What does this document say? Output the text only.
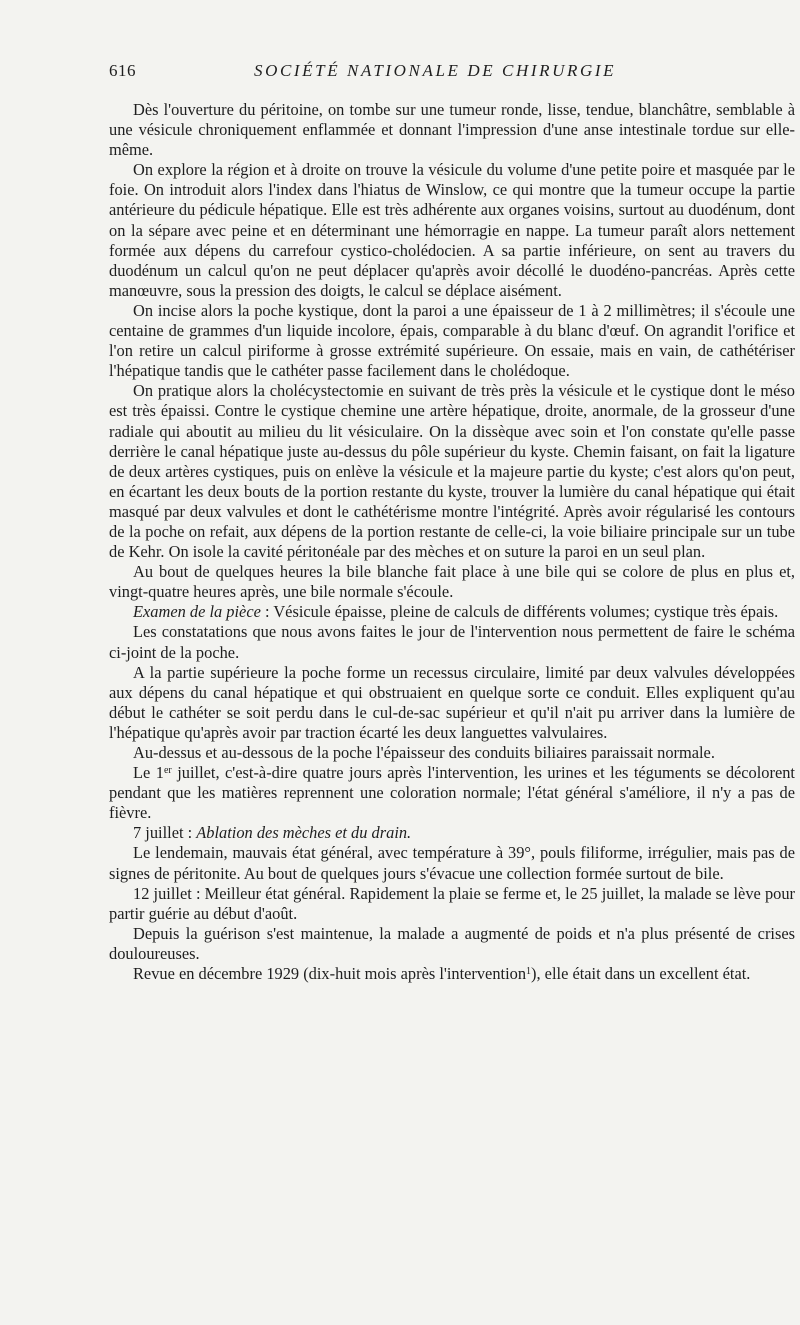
616	SOCIÉTÉ NATIONALE DE CHIRURGIE

Dès l'ouverture du péritoine, on tombe sur une tumeur ronde, lisse, tendue, blanchâtre, semblable à une vésicule chroniquement enflammée et donnant l'impression d'une anse intestinale tordue sur elle-même.

On explore la région et à droite on trouve la vésicule du volume d'une petite poire et masquée par le foie. On introduit alors l'index dans l'hiatus de Winslow, ce qui montre que la tumeur occupe la partie antérieure du pédicule hépatique. Elle est très adhérente aux organes voisins, surtout au duodénum, dont on la sépare avec peine et en déterminant une hémorragie en nappe. La tumeur paraît alors nettement formée aux dépens du carrefour cystico-cholédocien. A sa partie inférieure, on sent au travers du duodénum un calcul qu'on ne peut déplacer qu'après avoir décollé le duodéno-pancréas. Après cette manœuvre, sous la pression des doigts, le calcul se déplace aisément.

On incise alors la poche kystique, dont la paroi a une épaisseur de 1 à 2 millimètres; il s'écoule une centaine de grammes d'un liquide incolore, épais, comparable à du blanc d'œuf. On agrandit l'orifice et l'on retire un calcul piriforme à grosse extrémité supérieure. On essaie, mais en vain, de cathétériser l'hépatique tandis que le cathéter passe facilement dans le cholédoque.

On pratique alors la cholécystectomie en suivant de très près la vésicule et le cystique dont le méso est très épaissi. Contre le cystique chemine une artère hépatique, droite, anormale, de la grosseur d'une radiale qui aboutit au milieu du lit vésiculaire. On la dissèque avec soin et l'on constate qu'elle passe derrière le canal hépatique juste au-dessus du pôle supérieur du kyste. Chemin faisant, on fait la ligature de deux artères cystiques, puis on enlève la vésicule et la majeure partie du kyste; c'est alors qu'on peut, en écartant les deux bouts de la portion restante du kyste, trouver la lumière du canal hépatique qui était masqué par deux valvules et dont le cathétérisme montre l'intégrité. Après avoir régularisé les contours de la poche on refait, aux dépens de la portion restante de celle-ci, la voie biliaire principale sur un tube de Kehr. On isole la cavité péritonéale par des mèches et on suture la paroi en un seul plan.

Au bout de quelques heures la bile blanche fait place à une bile qui se colore de plus en plus et, vingt-quatre heures après, une bile normale s'écoule.

Examen de la pièce : Vésicule épaisse, pleine de calculs de différents volumes; cystique très épais.

Les constatations que nous avons faites le jour de l'intervention nous permettent de faire le schéma ci-joint de la poche.

A la partie supérieure la poche forme un recessus circulaire, limité par deux valvules développées aux dépens du canal hépatique et qui obstruaient en quelque sorte ce conduit. Elles expliquent qu'au début le cathéter se soit perdu dans le cul-de-sac supérieur et qu'il n'ait pu arriver dans la lumière de l'hépatique qu'après avoir par traction écarté les deux languettes valvulaires.

Au-dessus et au-dessous de la poche l'épaisseur des conduits biliaires paraissait normale.

Le 1er juillet, c'est-à-dire quatre jours après l'intervention, les urines et les téguments se décolorent pendant que les matières reprennent une coloration normale; l'état général s'améliore, il n'y a pas de fièvre.

7 juillet : Ablation des mèches et du drain.

Le lendemain, mauvais état général, avec température à 39°, pouls filiforme, irrégulier, mais pas de signes de péritonite. Au bout de quelques jours s'évacue une collection formée surtout de bile.

12 juillet : Meilleur état général. Rapidement la plaie se ferme et, le 25 juillet, la malade se lève pour partir guérie au début d'août.

Depuis la guérison s'est maintenue, la malade a augmenté de poids et n'a plus présenté de crises douloureuses.

Revue en décembre 1929 (dix-huit mois après l'intervention$^1$), elle était dans un excellent état.
